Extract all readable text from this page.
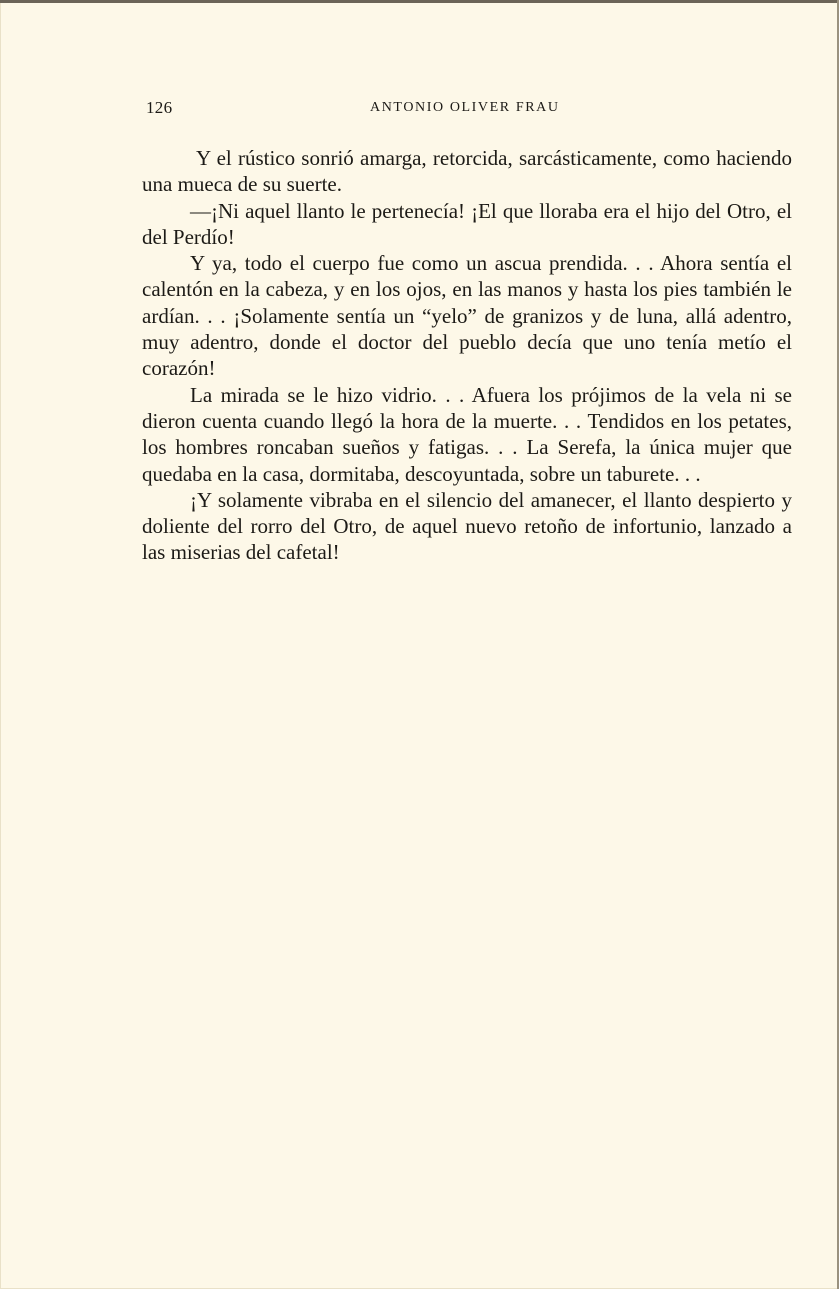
126	ANTONIO OLIVER FRAU

Y el rústico sonrió amarga, retorcida, sarcásticamente, como haciendo una mueca de su suerte.

—¡Ni aquel llanto le pertenecía! ¡El que lloraba era el hijo del Otro, el del Perdío!

Y ya, todo el cuerpo fue como un ascua prendida. . . Ahora sentía el calentón en la cabeza, y en los ojos, en las manos y hasta los pies también le ardían. . . ¡Solamente sentía un “yelo” de granizos y de luna, allá adentro, muy adentro, donde el doctor del pueblo decía que uno tenía metío el corazón!

La mirada se le hizo vidrio. . . Afuera los prójimos de la vela ni se dieron cuenta cuando llegó la hora de la muerte. . . Tendidos en los petates, los hombres roncaban sueños y fatigas. . . La Serefa, la única mujer que quedaba en la casa, dormitaba, descoyuntada, sobre un taburete. . .

¡Y solamente vibraba en el silencio del amanecer, el llanto despierto y doliente del rorro del Otro, de aquel nuevo retoño de infortunio, lanzado a las miserias del cafetal!
